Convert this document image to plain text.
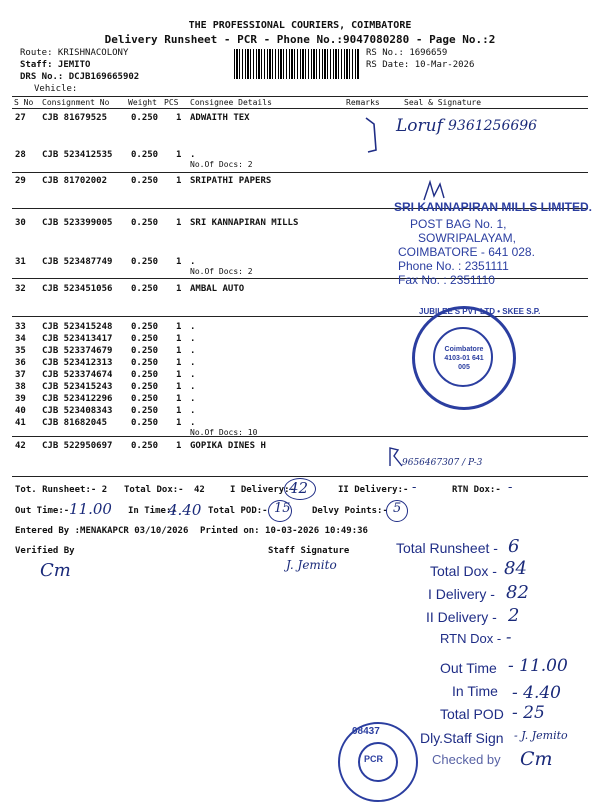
THE PROFESSIONAL COURIERS, COIMBATORE
Delivery Runsheet - PCR - Phone No.:9047080280 - Page No.:2
Route: KRISHNACOLONY
Staff: JEMITO
DRS No.: DCJB169665902
Vehicle:
RS No.: 1696659
RS Date: 10-Mar-2026
S No Consignment No Weight PCS Consignee Details	Remarks	Seal & Signature
27 CJB 81679525	0.250 1 ADWAITH TEX
28 CJB 523412535 0.250 1 .
No.Of Docs: 2
29 CJB 81702002	0.250 1 SRIPATHI PAPERS
30 CJB 523399005 0.250 1 SRI KANNAPIRAN MILLS
31 CJB 523487749 0.250 1 .
No.Of Docs: 2
32 CJB 523451056 0.250 1 AMBAL AUTO
33 CJB 523415248 0.250 1 .
34 CJB 523413417 0.250 1 .
35 CJB 523374679 0.250 1 .
36 CJB 523412313 0.250 1 .
37 CJB 523374674 0.250 1 .
38 CJB 523415243 0.250 1 .
39 CJB 523412296 0.250 1 .
40 CJB 523408343 0.250 1 .
41 CJB 81682045	0.250 1 .
No.Of Docs: 10
42 CJB 522950697 0.250 1 GOPIKA DINES H
Tot. Runsheet:- 2 Total Dox:- 42	I Delivery:-
42	II Delivery:- -	RTN Dox:- -
Out Time:- 11.00 In Time:-
4.40 Total POD:- 15 Delvy Points:- 5
Entered By :MENAKAPCR 03/10/2026 Printed on: 10-03-2026 10:49:36
Verified By
Cm
Staff Signature
J. Jemito
Loruf 9361256696
9656467307 / P-3
SRI KANNAPIRAN MILLS LIMITED.
POST BAG No. 1,
SOWRIPALAYAM,
COIMBATORE - 641 028.
Phone No. : 2351111
Fax No. : 2351110
JUBILEE'S PVT LTD • SKEE S.P.
Coimbatore 4103-01 641 005
Total Runsheet - 6
Total Dox - 84
I Delivery - 82
II Delivery - 2
RTN Dox - -
Out Time - 11.00
In Time - 4.40
Total POD - 25
Dly.Staff Sign - J. Jemito
Checked by Cm
08437
PCR
